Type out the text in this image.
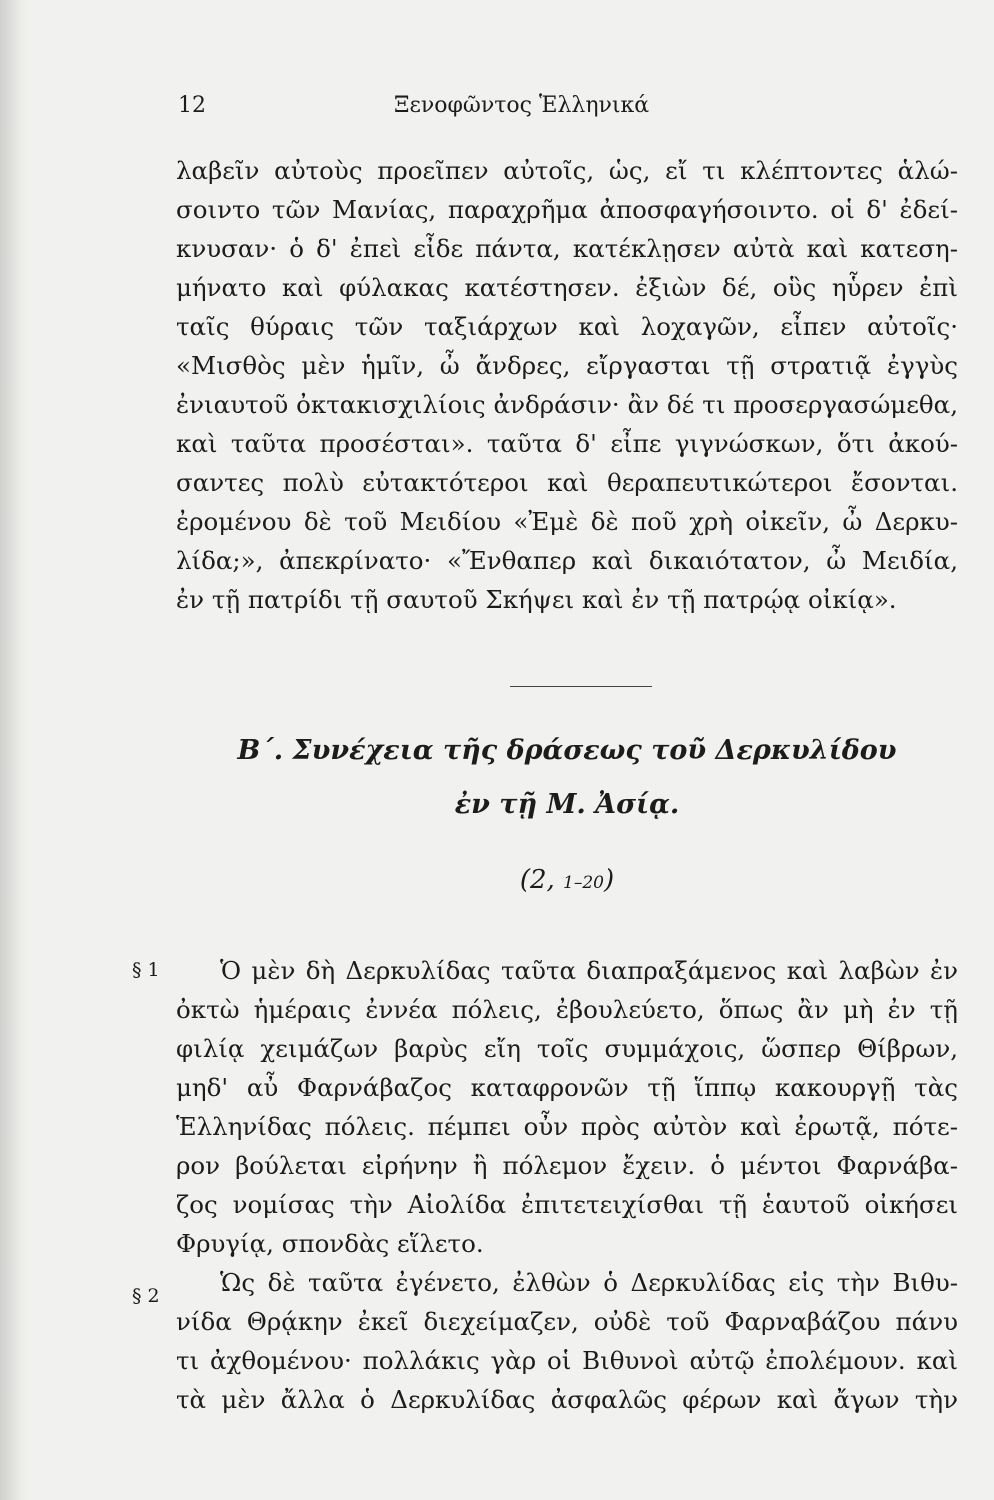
12	Ξενοφῶντος Ἑλληνικά
λαβεῖν αὐτοὺς προεῖπεν αὐτοῖς, ὡς, εἴ τι κλέπτοντες ἁλώ-
σοιντο τῶν Μανίας, παραχρῆμα ἀποσφαγήσοιντο. οἱ δ' ἐδεί-
κνυσαν· ὁ δ' ἐπεὶ εἶδε πάντα, κατέκλῃσεν αὐτὰ καὶ κατεση-
μήνατο καὶ φύλακας κατέστησεν. ἐξιὼν δέ, οὓς ηὗρεν ἐπὶ
ταῖς θύραις τῶν ταξιάρχων καὶ λοχαγῶν, εἶπεν αὐτοῖς·
«Μισθὸς μὲν ἡμῖν, ὦ ἄνδρες, εἴργασται τῇ στρατιᾷ ἐγγὺς
ἐνιαυτοῦ ὀκτακισχιλίοις ἀνδράσιν· ἂν δέ τι προσεργασώμεθα,
καὶ ταῦτα προσέσται». ταῦτα δ' εἶπε γιγνώσκων, ὅτι ἀκού-
σαντες πολὺ εὐτακτότεροι καὶ θεραπευτικώτεροι ἔσονται.
ἐρομένου δὲ τοῦ Μειδίου «Ἐμὲ δὲ ποῦ χρὴ οἰκεῖν, ὦ Δερκυ-
λίδα;», ἀπεκρίνατο· «Ἔνθαπερ καὶ δικαιότατον, ὦ Μειδία,
ἐν τῇ πατρίδι τῇ σαυτοῦ Σκήψει καὶ ἐν τῇ πατρῴᾳ οἰκίᾳ».
Β΄. Συνέχεια τῆς δράσεως τοῦ Δερκυλίδου
ἐν τῇ Μ. Ἀσίᾳ.
(2, 1–20)
§ 1
§ 2
Ὁ μὲν δὴ Δερκυλίδας ταῦτα διαπραξάμενος καὶ λαβὼν ἐν
ὀκτὼ ἡμέραις ἐννέα πόλεις, ἐβουλεύετο, ὅπως ἂν μὴ ἐν τῇ
φιλίᾳ χειμάζων βαρὺς εἴη τοῖς συμμάχοις, ὥσπερ Θίβρων,
μηδ' αὖ Φαρνάβαζος καταφρονῶν τῇ ἵππῳ κακουργῇ τὰς
Ἑλληνίδας πόλεις. πέμπει οὖν πρὸς αὐτὸν καὶ ἐρωτᾷ, πότε-
ρον βούλεται εἰρήνην ἢ πόλεμον ἔχειν. ὁ μέντοι Φαρνάβα-
ζος νομίσας τὴν Αἰολίδα ἐπιτετειχίσθαι τῇ ἑαυτοῦ οἰκήσει
Φρυγίᾳ, σπονδὰς εἵλετο.
Ὡς δὲ ταῦτα ἐγένετο, ἐλθὼν ὁ Δερκυλίδας εἰς τὴν Βιθυ-
νίδα Θρᾴκην ἐκεῖ διεχείμαζεν, οὐδὲ τοῦ Φαρναβάζου πάνυ
τι ἀχθομένου· πολλάκις γὰρ οἱ Βιθυνοὶ αὐτῷ ἐπολέμουν. καὶ
τὰ μὲν ἄλλα ὁ Δερκυλίδας ἀσφαλῶς φέρων καὶ ἄγων τὴν
